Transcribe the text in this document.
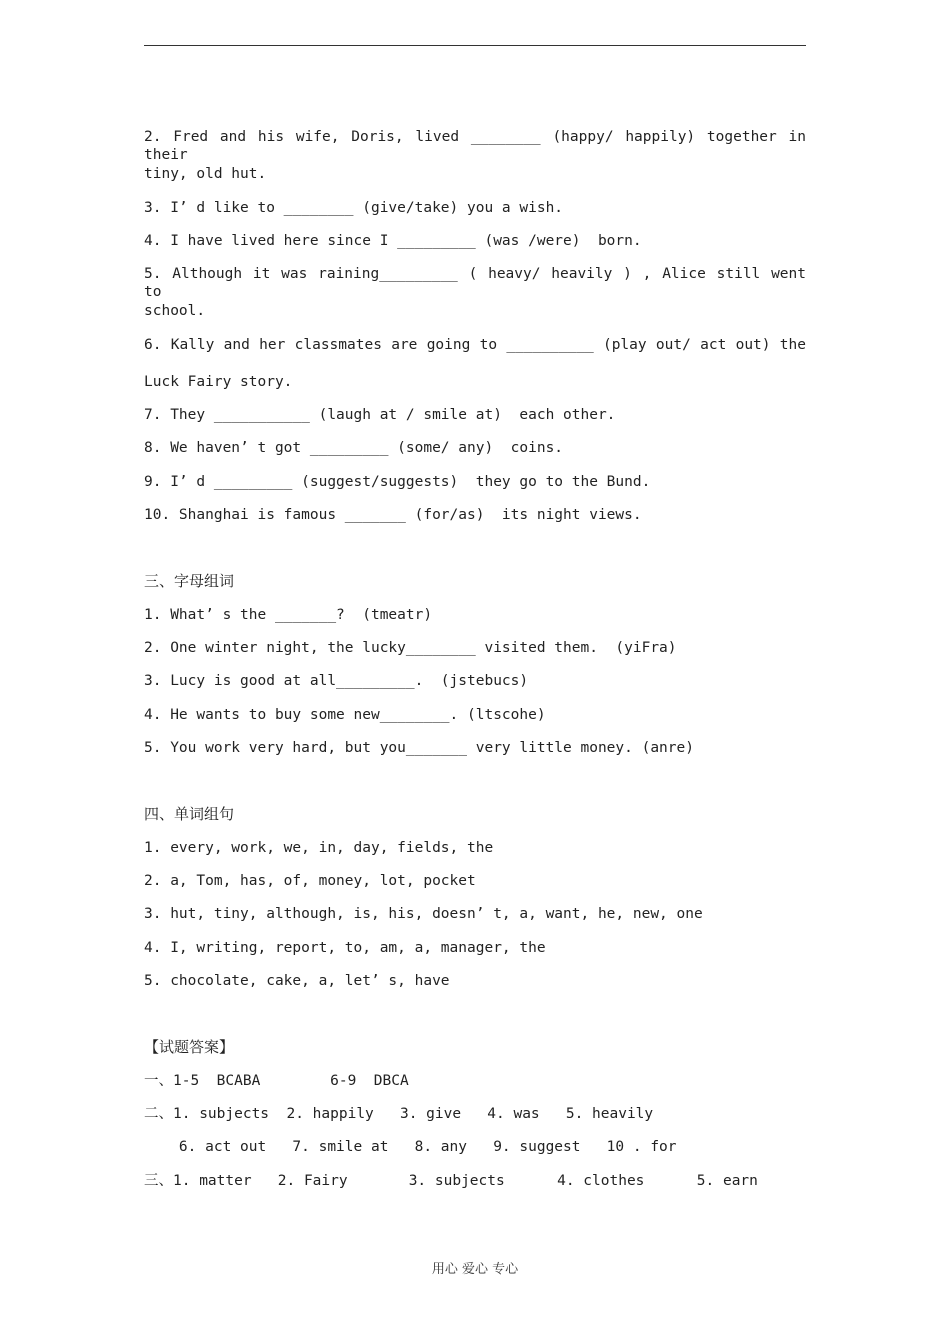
2. Fred and his wife, Doris, lived ________ (happy/ happily) together in their
tiny, old hut.
3. I’ d like to ________ (give/take) you a wish.
4. I have lived here since I _________ (was /were)  born.
5. Although it was raining_________ ( heavy/ heavily ) , Alice still went to
school.
6. Kally and her classmates are going to __________ (play out/ act out) the
Luck Fairy story.
7. They ___________ (laugh at / smile at)  each other.
8. We haven’ t got _________ (some/ any)  coins.
9. I’ d _________ (suggest/suggests)  they go to the Bund.
10. Shanghai is famous _______ (for/as)  its night views.
三、字母组词
1. What’ s the _______?  (tmeatr)
2. One winter night, the lucky________ visited them.  (yiFra)
3. Lucy is good at all_________.  (jstebucs)
4. He wants to buy some new________. (ltscohe)
5. You work very hard, but you_______ very little money. (anre)
四、单词组句
1. every, work, we, in, day, fields, the
2. a, Tom, has, of, money, lot, pocket
3. hut, tiny, although, is, his, doesn’ t, a, want, he, new, one
4. I, writing, report, to, am, a, manager, the
5. chocolate, cake, a, let’ s, have
【试题答案】
一、1-5  BCABA        6-9  DBCA
二、1. subjects  2. happily   3. give   4. was   5. heavily
6. act out   7. smile at   8. any   9. suggest   10 . for
三、1. matter   2. Fairy       3. subjects      4. clothes      5. earn
用心 爱心 专心
